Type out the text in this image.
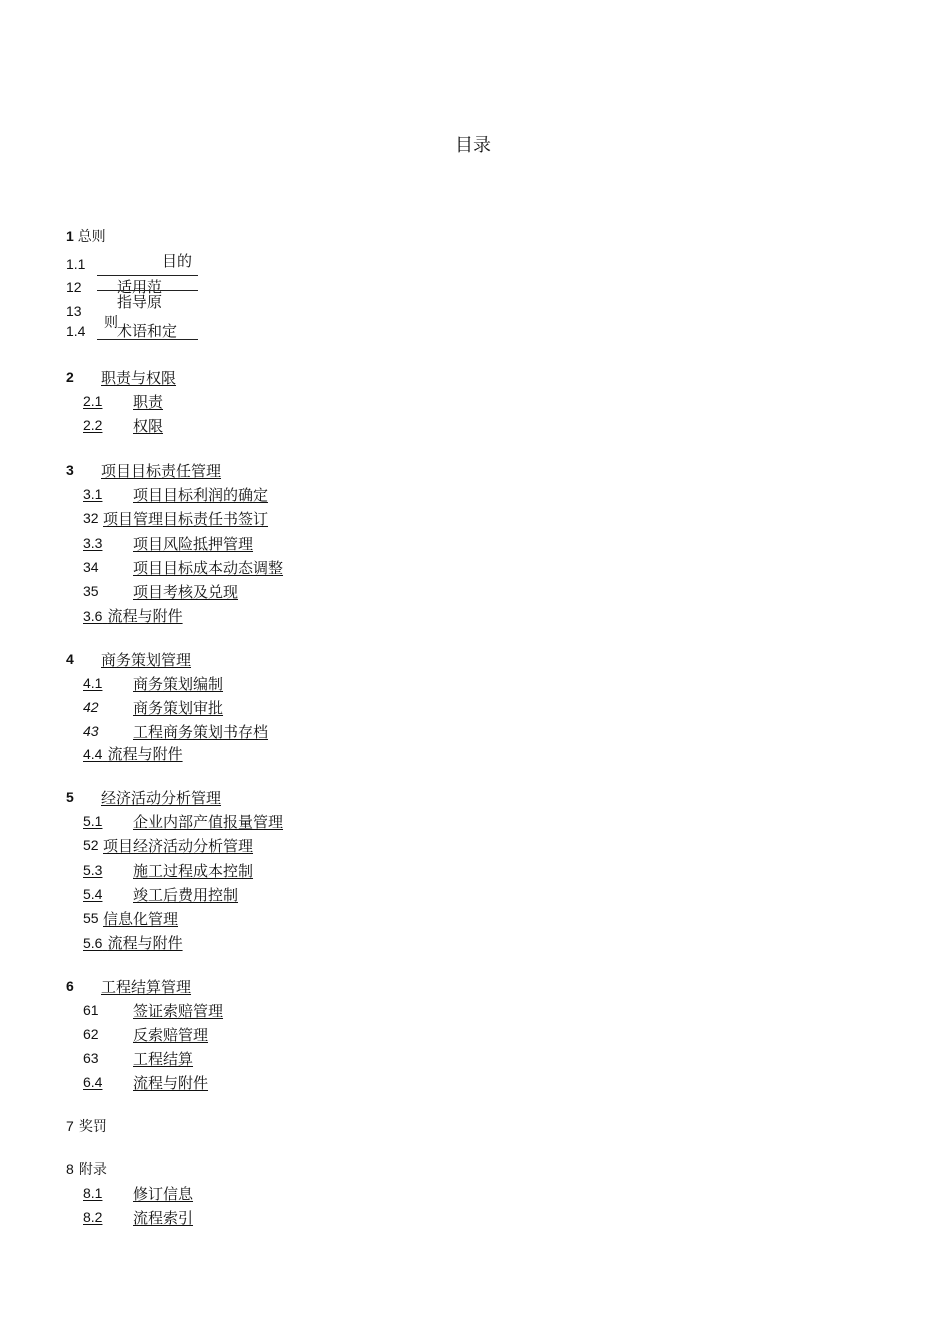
目录
1 总则
1.1	目的
12 适用范
13 指导原
则
1.4 术语和定
2 职责与权限
2.1 职责
2.2 权限
3 项目目标责任管理
3.1 项目目标利润的确定
32 项目管理目标责任书签订
3.3 项目风险抵押管理
34 项目目标成本动态调整
35 项目考核及兑现
3.6 流程与附件
4 商务策划管理
4.1 商务策划编制
42 商务策划审批
43 工程商务策划书存档
4.4 流程与附件
5 经济活动分析管理
5.1 企业内部产值报量管理
52 项目经济活动分析管理
5.3 施工过程成本控制
5.4 竣工后费用控制
55 信息化管理
5.6 流程与附件
6 工程结算管理
61 签证索赔管理
62 反索赔管理
63 工程结算
6.4 流程与附件
7 奖罚
8 附录
8.1 修订信息
8.2 流程索引
